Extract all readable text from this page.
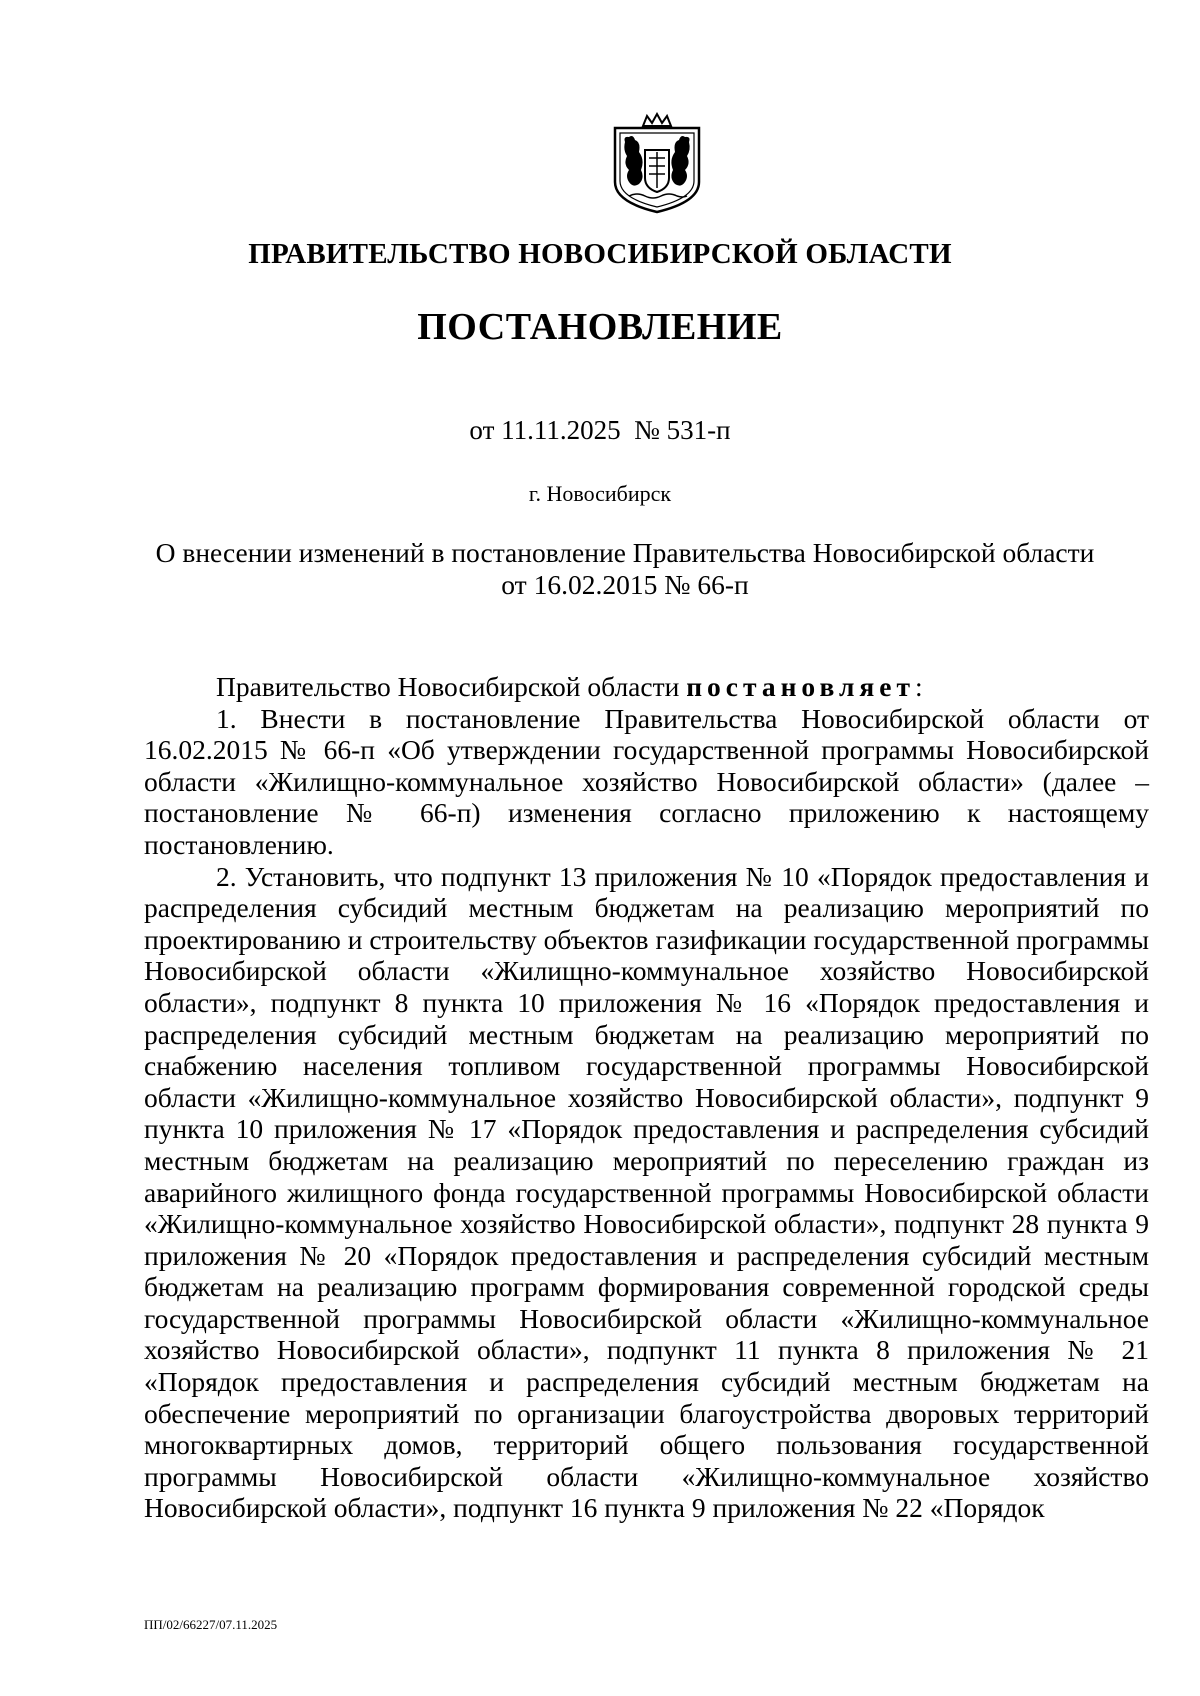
ПРАВИТЕЛЬСТВО НОВОСИБИРСКОЙ ОБЛАСТИ
ПОСТАНОВЛЕНИЕ
от 11.11.2025  № 531-п
г. Новосибирск
О внесении изменений в постановление Правительства Новосибирской области
от 16.02.2015 № 66-п

Правительство Новосибирской области постановляет:

1. Внести в постановление Правительства Новосибирской области от 16.02.2015 № 66-п «Об утверждении государственной программы Новосибирской области «Жилищно-коммунальное хозяйство Новосибирской области» (далее – постановление № 66-п) изменения согласно приложению к настоящему постановлению.

2. Установить, что подпункт 13 приложения № 10 «Порядок предоставления и распределения субсидий местным бюджетам на реализацию мероприятий по проектированию и строительству объектов газификации государственной программы Новосибирской области «Жилищно-коммунальное хозяйство Новосибирской области», подпункт 8 пункта 10 приложения № 16 «Порядок предоставления и распределения субсидий местным бюджетам на реализацию мероприятий по снабжению населения топливом государственной программы Новосибирской области «Жилищно-коммунальное хозяйство Новосибирской области», подпункт 9 пункта 10 приложения № 17 «Порядок предоставления и распределения субсидий местным бюджетам на реализацию мероприятий по переселению граждан из аварийного жилищного фонда государственной программы Новосибирской области «Жилищно-коммунальное хозяйство Новосибирской области», подпункт 28 пункта 9 приложения № 20 «Порядок предоставления и распределения субсидий местным бюджетам на реализацию программ формирования современной городской среды государственной программы Новосибирской области «Жилищно-коммунальное хозяйство Новосибирской области», подпункт 11 пункта 8 приложения № 21 «Порядок предоставления и распределения субсидий местным бюджетам на обеспечение мероприятий по организации благоустройства дворовых территорий многоквартирных домов, территорий общего пользования государственной программы Новосибирской области «Жилищно-коммунальное хозяйство Новосибирской области», подпункт 16 пункта 9 приложения № 22 «Порядок

ПП/02/66227/07.11.2025
